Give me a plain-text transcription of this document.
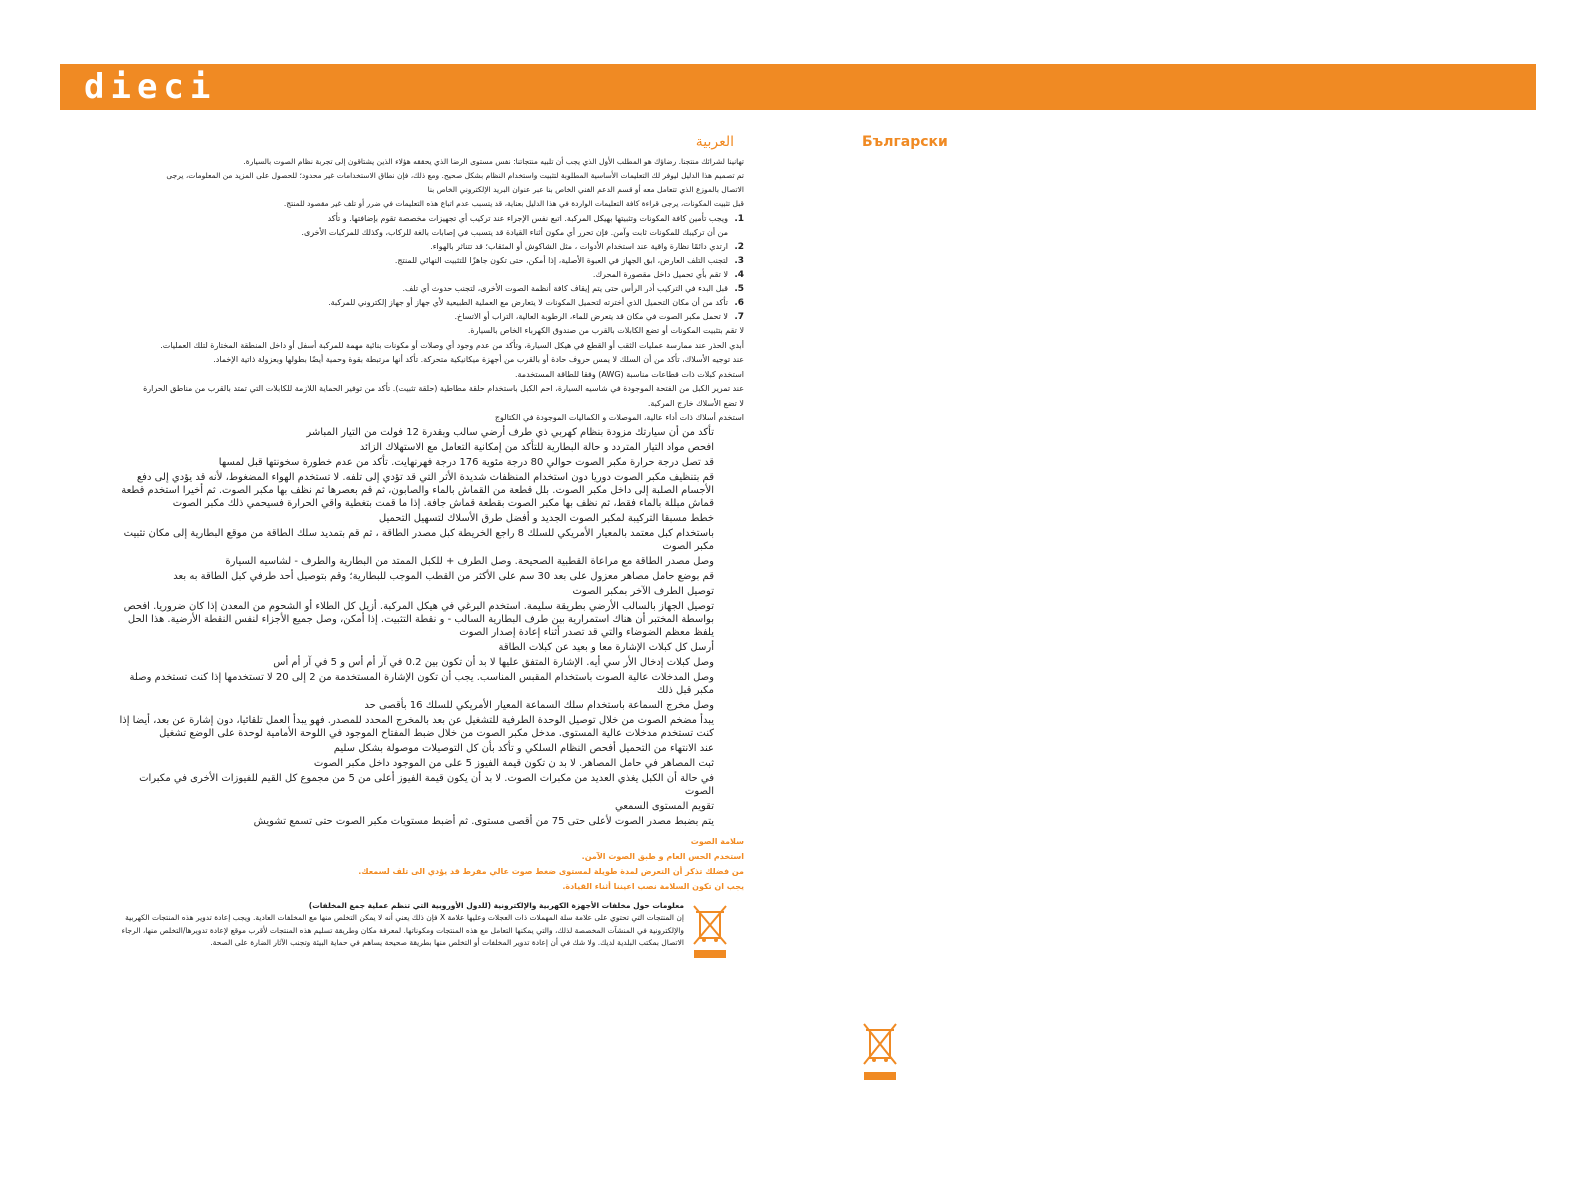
dieci
العربية

تهانينا لشرائك منتجنا. رضاؤك هو المطلب الأول الذي يجب أن تلبيه منتجاتنا: نفس مستوى الرضا الذي يحققه هؤلاء الذين يشتاقون إلى تجربة نظام الصوت بالسيارة.

تم تصميم هذا الدليل ليوفر لك التعليمات الأساسية المطلوبة لتثبيت واستخدام النظام بشكل صحيح. ومع ذلك، فإن نطاق الاستخدامات غير محدود؛ للحصول على المزيد من المعلومات، يرجى

الاتصال بالموزع الذي تتعامل معه أو قسم الدعم الفني الخاص بنا عبر عنوان البريد الإلكتروني الخاص بنا

قبل تثبيت المكونات، يرجى قراءة كافة التعليمات الواردة في هذا الدليل بعناية، قد يتسبب عدم اتباع هذه التعليمات في ضرر أو تلف غير مقصود للمنتج.

1.
ويجب تأمين كافة المكونات وتثبيتها بهيكل المركبة. اتبع نفس الإجراء عند تركيب أي تجهيزات مخصصة تقوم بإضافتها. و تأكد
من أن تركيبك للمكونات ثابت وآمن. فإن تحرر أي مكون أثناء القيادة قد يتسبب في إصابات بالغة للركاب، وكذلك للمركبات الأخرى.
2.
ارتدي دائمًا نظارة واقية عند استخدام الأدوات ، مثل الشاكوش أو المثقاب؛ قد تتناثر بالهواء.
3.
لتجنب التلف العارض، ابق الجهاز في العبوة الأصلية، إذا أمكن، حتى تكون جاهزًا للتثبيت النهائي للمنتج.
4.
لا تقم بأي تحميل داخل مقصورة المحرك.
5.
قبل البدء في التركيب أدر الرأس حتى يتم إيقاف كافة أنظمة الصوت الأخرى، لتجنب حدوث أي تلف.
6.
تأكد من أن مكان التحميل الذي أخترته لتحميل المكونات لا يتعارض مع العملية الطبيعية لأي جهاز أو جهاز إلكتروني للمركبة.
7.
لا تحمل مكبر الصوت في مكان قد يتعرض للماء، الرطوبة العالية، التراب أو الاتساخ.
لا تقم بتثبيت المكونات أو تضع الكابلات بالقرب من صندوق الكهرباء الخاص بالسيارة.
أبدي الحذر عند ممارسة عمليات الثقب أو القطع في هيكل السيارة، وتأكد من عدم وجود أي وصلات أو مكونات بنائية مهمة للمركبة أسفل أو داخل المنطقة المختارة لتلك العمليات.
عند توجيه الأسلاك، تأكد من أن السلك لا يمس حروف حادة أو بالقرب من أجهزة ميكانيكية متحركة. تأكد أنها مرتبطة بقوة وحمية أيضًا بطولها وبعزولة ذاتية الإخماد.
استخدم كبلات ذات قطاعات مناسبة (AWG) وفقا للطاقة المستخدمة.
عند تمرير الكبل من الفتحة الموجودة في شاسيه السيارة، احم الكبل باستخدام حلقة مطاطية (حلقة تثبيت). تأكد من توفير الحماية اللازمة للكابلات التي تمتد بالقرب من مناطق الحرارة
لا تضع الأسلاك خارج المركبة.
استخدم أسلاك ذات أداء عالية، الموصلات و الكماليات الموجودة في الكتالوج

تأكد من أن سيارتك مزودة بنظام كهربي ذي طرف أرضي سالب وبقدرة 12 فولت من التيار المباشر

افحص مواد التيار المتردد و حالة البطارية للتأكد من إمكانية التعامل مع الاستهلاك الزائد

قد تصل درجة حرارة مكبر الصوت حوالي 80 درجة مئوية 176 درجة فهرنهايت. تأكد من عدم خطورة سخونتها قبل لمسها

قم بتنظيف مكبر الصوت دوريا دون استخدام المنظفات شديدة الأثر التي قد تؤدي إلى تلفه. لا تستخدم الهواء المضغوط، لأنه قد يؤدي إلى دفع الأجسام الصلبة إلى داخل مكبر الصوت. بلل قطعة من القماش بالماء والصابون، ثم قم بعصرها ثم نظف بها مكبر الصوت. ثم أخيرا استخدم قطعة قماش مبللة بالماء فقط، ثم نظف بها مكبر الصوت بقطعة قماش جافة. إذا ما قمت بتغطية واقي الحرارة فسيحمي ذلك مكبر الصوت

خطط مسبقا التركيبة لمكبر الصوت الجديد و أفضل طرق الأسلاك لتسهيل التحميل

باستخدام كبل معتمد بالمعيار الأمريكي للسلك 8 راجع الخريطة كبل مصدر الطاقة ، ثم قم بتمديد سلك الطاقة من موقع البطارية إلى مكان تثبيت مكبر الصوت

وصل مصدر الطاقة مع مراعاة القطبية الصحيحة. وصل الطرف + للكبل الممتد من البطارية والطرف - لشاسيه السيارة

قم بوضع حامل مصاهر معزول على بعد 30 سم على الأكثر من القطب الموجب للبطارية؛ وقم بتوصيل أحد طرفي كبل الطاقة به بعد

توصيل الطرف الآخر بمكبر الصوت

توصيل الجهاز بالسالب الأرضي بطريقة سليمة. استخدم البرغي في هيكل المركبة. أزيل كل الطلاء أو الشحوم من المعدن إذا كان ضروريا. افحص بواسطة المختبر أن هناك استمرارية بين طرف البطارية السالب - و نقطة التثبيت. إذا أمكن، وصل جميع الأجزاء لنفس النقطة الأرضية. هذا الحل يلفظ معظم الضوضاء والتي قد تصدر أثناء إعادة إصدار الصوت

أرسل كل كبلات الإشارة معا و بعيد عن كبلات الطاقة

وصل كبلات إدخال الأر سي أيه. الإشارة المتفق عليها لا بد أن تكون بين 0.2 في آر أم أس و 5 في آر أم أس

وصل المدخلات عالية الصوت باستخدام المقبس المناسب. يجب أن تكون الإشارة المستخدمة من 2 إلى 20 لا تستخدمها إذا كنت تستخدم وصلة مكبر قبل ذلك

وصل مخرج السماعة باستخدام سلك السماعة المعيار الأمريكي للسلك 16 بأقصى حد

يبدأ مضخم الصوت من خلال توصيل الوحدة الطرفية للتشغيل عن بعد بالمخرج المحدد للمصدر. فهو يبدأ العمل تلقائيا، دون إشارة عن بعد، أيضا إذا كنت تستخدم مدخلات عالية المستوى. مدخل مكبر الصوت من خلال ضبط المفتاح الموجود في اللوحة الأمامية لوحدة على الوضع تشغيل

عند الانتهاء من التحميل أفحص النظام السلكي و تأكد بأن كل التوصيلات موصولة بشكل سليم

ثبت المصاهر في حامل المصاهر. لا بد ن تكون قيمة الفيوز 5 على من الموجود داخل مكبر الصوت

في حالة أن الكبل يغذي العديد من مكبرات الصوت. لا بد أن يكون قيمة الفيوز أعلى من 5 من مجموع كل القيم للفيوزات الأخرى في مكبرات الصوت

تقويم المستوى السمعي

يتم بضبط مصدر الصوت لأعلى حتى 75 من أقصى مستوى. ثم أضبط مستويات مكبر الصوت حتى تسمع تشويش

سلامة الصوت
استخدم الحس العام و طبق الصوت الآمن.
من فضلك تذكر أن التعرض لمدة طويلة لمستوى ضغط صوت عالي مفرط قد يؤدي الى تلف لسمعك.
يجب ان تكون السلامة نصب اعيننا أثناء القيادة.
معلومات حول مخلفات الأجهزة الكهربية والإلكترونية (للدول الأوروبية التي تنظم عملية جمع المخلفات)
إن المنتجات التي تحتوي على علامة سلة المهملات ذات العجلات وعليها علامة X فإن ذلك يعني أنه لا يمكن التخلص منها مع المخلفات العادية. ويجب إعادة تدوير هذه المنتجات الكهربية والإلكترونية في المنشآت المخصصة لذلك، والتي يمكنها التعامل مع هذه المنتجات ومكوناتها. لمعرفة مكان وطريقة تسليم هذه المنتجات لأقرب موقع لإعادة تدويرها/التخلص منها، الرجاء الاتصال بمكتب البلدية لديك. ولا شك في أن إعادة تدوير المخلفات أو التخلص منها بطريقة صحيحة يساهم في حماية البيئة وتجنب الآثار الضارة على الصحة.
Български
